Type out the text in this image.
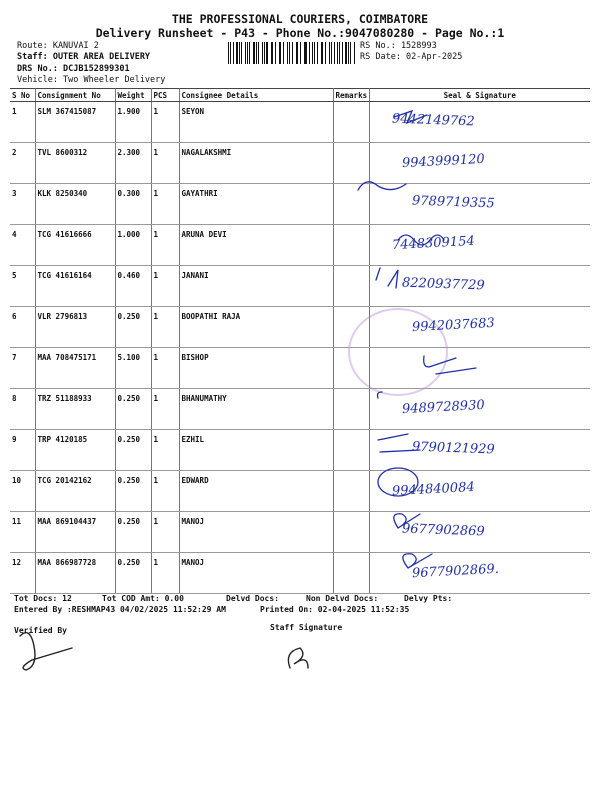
THE PROFESSIONAL COURIERS, COIMBATORE
Delivery Runsheet - P43 - Phone No.:9047080280 - Page No.:1
Route: KANUVAI 2
Staff: OUTER AREA DELIVERY
DRS No.: DCJB152899301
Vehicle: Two Wheeler Delivery
RS No.: 1528993
RS Date: 02-Apr-2025
S No	Consignment No	Weight	PCS	Consignee Details	Remarks	Seal & Signature
1	SLM 367415087	1.900	1	SEYON		9442149762
2	TVL 8600312	2.300	1	NAGALAKSHMI		9943999120
3	KLK 8250340	0.300	1	GAYATHRI		9789719355
4	TCG 41616666	1.000	1	ARUNA DEVI		7448309154
5	TCG 41616164	0.460	1	JANANI		8220937729
6	VLR 2796813	0.250	1	BOOPATHI RAJA		9942037683
7	MAA 708475171	5.100	1	BISHOP		
8	TRZ 51188933	0.250	1	BHANUMATHY		9489728930
9	TRP 4120185	0.250	1	EZHIL		9790121929
10	TCG 20142162	0.250	1	EDWARD		9944840084
11	MAA 869104437	0.250	1	MANOJ		9677902869
12	MAA 866987728	0.250	1	MANOJ		9677902869.
Tot Docs: 12	Tot COD Amt: 0.00	Delvd Docs:	Non Delvd Docs:	Delvy Pts:
Entered By :RESHMAP43 04/02/2025 11:52:29 AM	Printed On: 02-04-2025 11:52:35
Verified By	Staff Signature
